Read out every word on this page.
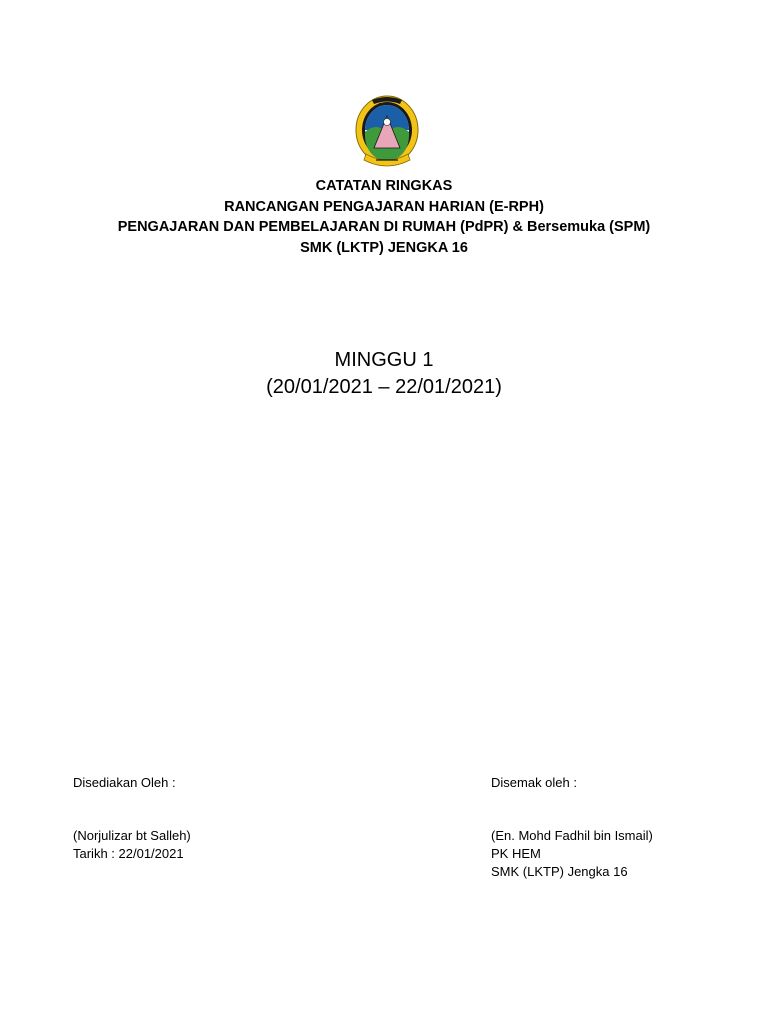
CATATAN RINGKAS
RANCANGAN PENGAJARAN HARIAN (E-RPH)
PENGAJARAN DAN PEMBELAJARAN DI RUMAH (PdPR) & Bersemuka (SPM)
SMK (LKTP) JENGKA 16
MINGGU 1
(20/01/2021 – 22/01/2021)
Disediakan Oleh :
(Norjulizar bt Salleh)
Tarikh : 22/01/2021
Disemak oleh :
(En. Mohd Fadhil bin Ismail)
PK HEM
SMK (LKTP) Jengka 16
